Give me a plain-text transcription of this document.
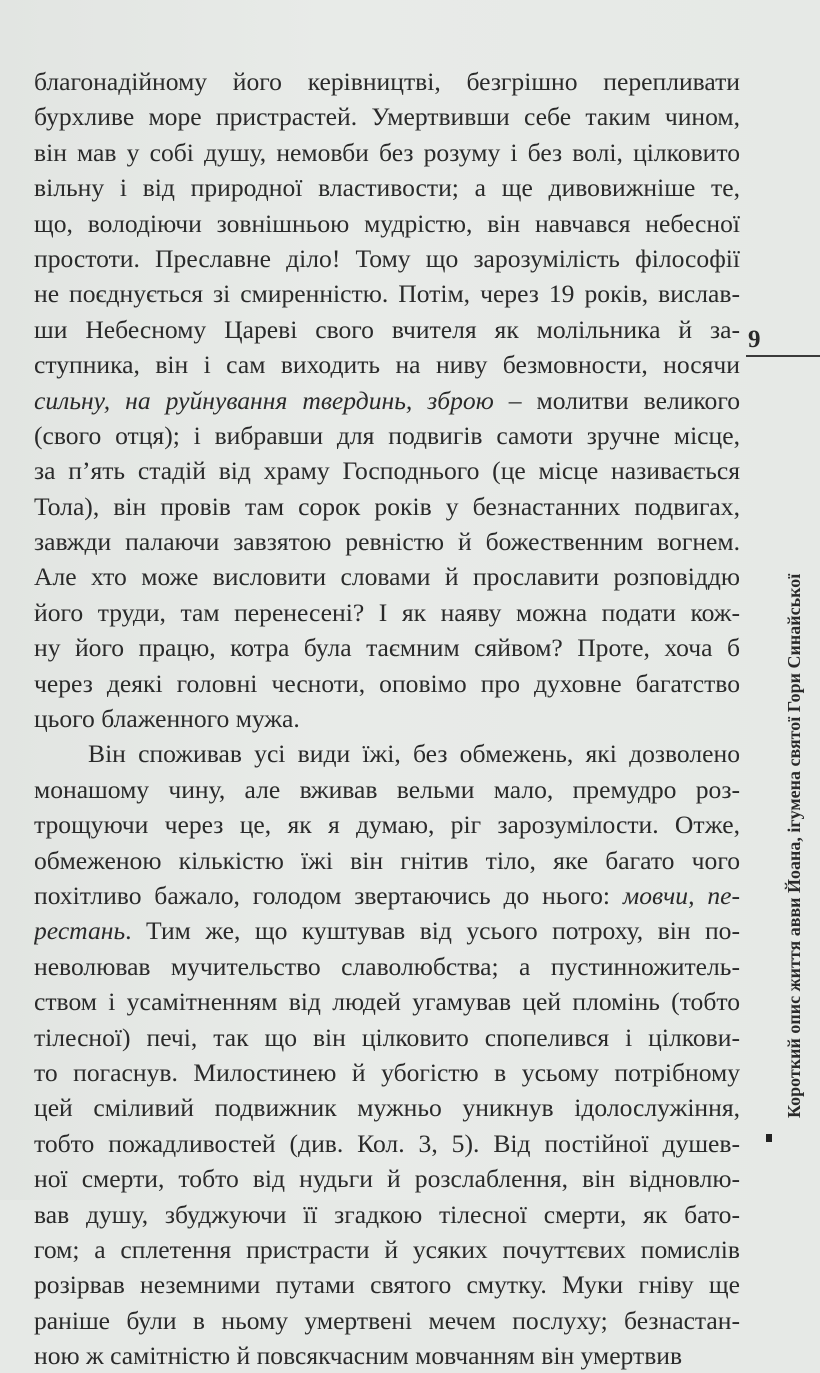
благонадійному його керівництві, безгрішно перепливати
бурхливе море пристрастей. Умертвивши себе таким чином,
він мав у собі душу, немовби без розуму і без волі, цілковито
вільну і від природної властивости; а ще дивовижніше те,
що, володіючи зовнішньою мудрістю, він навчався небесної
простоти. Преславне діло! Тому що зарозумілість філософії
не поєднується зі смиренністю. Потім, через 19 років, вислав-
ши Небесному Цареві свого вчителя як молільника й за-
ступника, він і сам виходить на ниву безмовности, носячи
сильну, на руйнування твердинь, зброю – молитви великого
(свого отця); і вибравши для подвигів самоти зручне місце,
за п’ять стадій від храму Господнього (це місце називається
Тола), він провів там сорок років у безнастанних подвигах,
завжди палаючи завзятою ревністю й божественним вогнем.
Але хто може висловити словами й прославити розповіддю
його труди, там перенесені? І як наяву можна подати кож-
ну його працю, котра була таємним сяйвом? Проте, хоча б
через деякі головні чесноти, оповімо про духовне багатство
цього блаженного мужа.
Він споживав усі види їжі, без обмежень, які дозволено
монашому чину, але вживав вельми мало, премудро роз-
трощуючи через це, як я думаю, ріг зарозумілости. Отже,
обмеженою кількістю їжі він гнітив тіло, яке багато чого
похітливо бажало, голодом звертаючись до нього: мовчи, пе-
рестань. Тим же, що куштував від усього потроху, він по-
неволював мучительство славолюбства; а пустинножитель-
ством і усамітненням від людей угамував цей пломінь (тобто
тілесної) печі, так що він цілковито спопелився і цілкови-
то погаснув. Милостинею й убогістю в усьому потрібному
цей сміливий подвижник мужньо уникнув ідолослужіння,
тобто пожадливостей (див. Кол. 3, 5). Від постійної душев-
ної смерти, тобто від нудьги й розслаблення, він відновлю-
вав душу, збуджуючи її згадкою тілесної смерти, як бато-
гом; а сплетення пристрасти й усяких почуттєвих помислів
розірвав неземними путами святого смутку. Муки гніву ще
раніше були в ньому умертвені мечем послуху; безнастан-
ною ж самітністю й повсякчасним мовчанням він умертвив
9
Короткий опис життя авви Йоана, ігумена святої Гори Синайської
